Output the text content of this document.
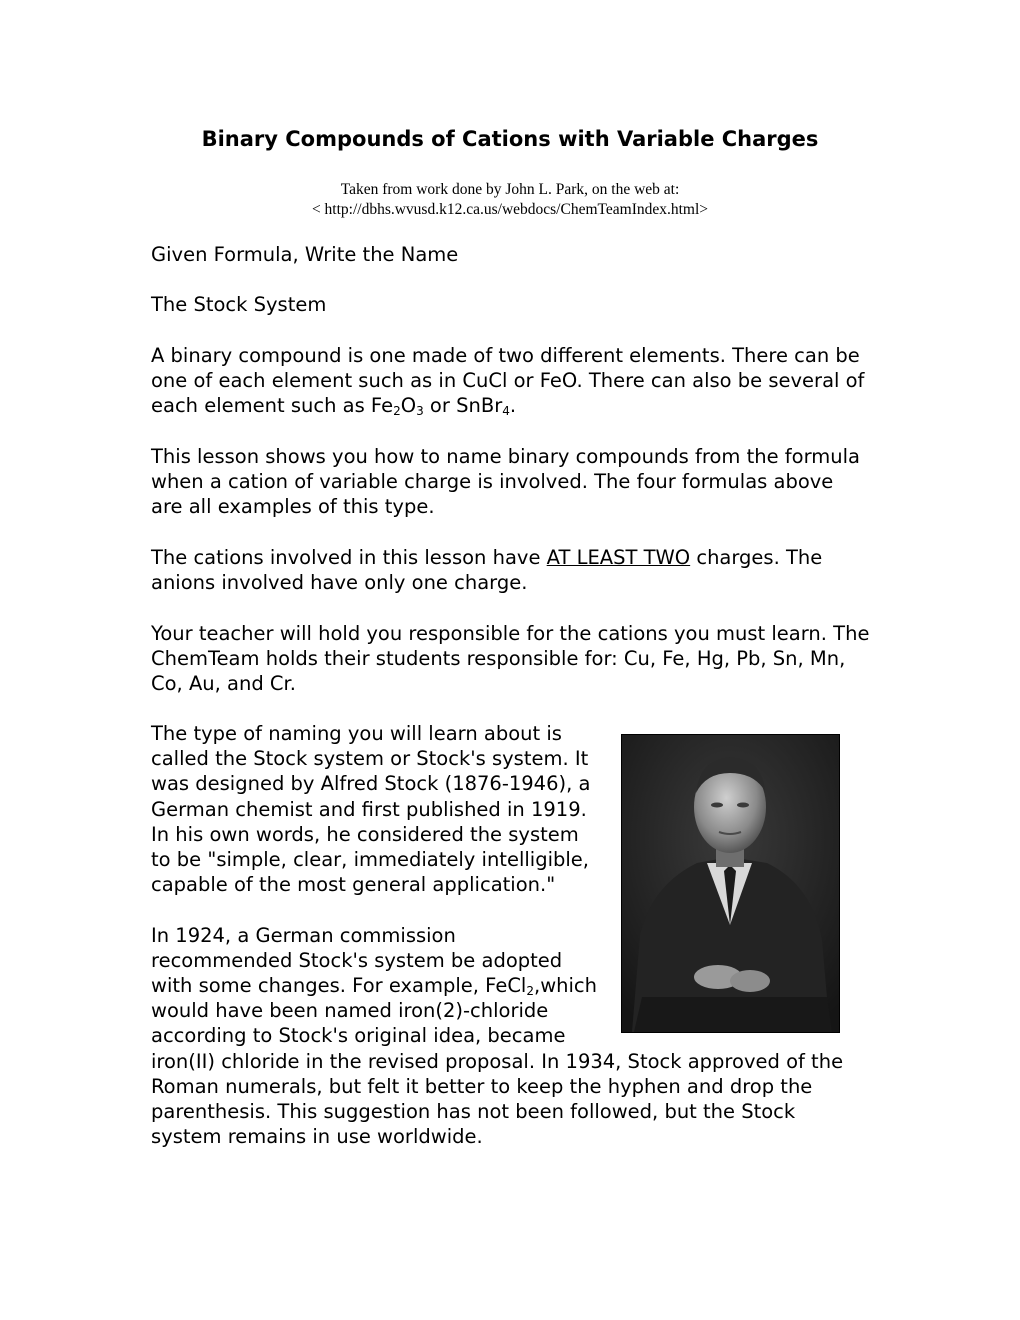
Binary Compounds of Cations with Variable Charges
Taken from work done by John L. Park, on the web at:
< http://dbhs.wvusd.k12.ca.us/webdocs/ChemTeamIndex.html>

Given Formula, Write the Name

The Stock System

A binary compound is one made of two different elements. There can be one of each element such as in CuCl or FeO. There can also be several of each element such as $Fe_2O_3$ or SnBr$_4$.

This lesson shows you how to name binary compounds from the formula when a cation of variable charge is involved. The four formulas above are all examples of this type.

The cations involved in this lesson have AT LEAST TWO charges. The anions involved have only one charge.

Your teacher will hold you responsible for the cations you must learn. The ChemTeam holds their students responsible for: Cu, Fe, Hg, Pb, Sn, Mn, Co, Au, and Cr.

The type of naming you will learn about is called the Stock system or Stock's system. It was designed by Alfred Stock (1876-1946), a German chemist and first published in 1919. In his own words, he considered the system to be "simple, clear, immediately intelligible, capable of the most general application."

In 1924, a German commission recommended Stock's system be adopted with some changes. For example, FeCl$_2$,which would have been named iron(2)-chloride according to Stock's original idea, became iron(II) chloride in the revised proposal. In 1934, Stock approved of the Roman numerals, but felt it better to keep the hyphen and drop the parenthesis. This suggestion has not been followed, but the Stock system remains in use worldwide.
